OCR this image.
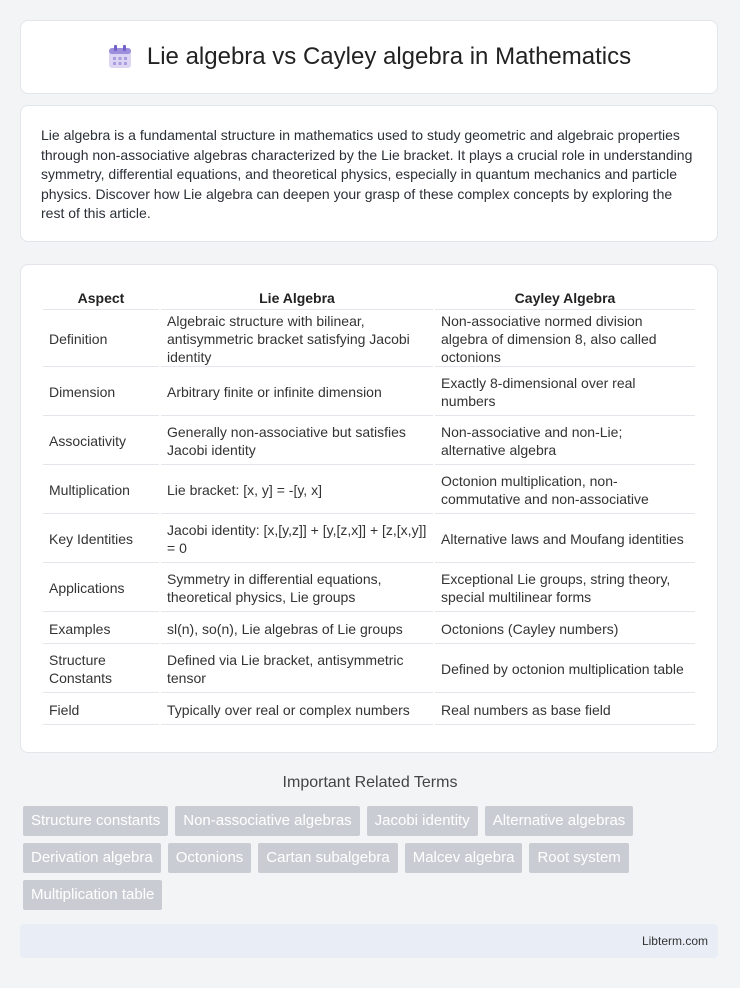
Lie algebra vs Cayley algebra in Mathematics

Lie algebra is a fundamental structure in mathematics used to study geometric and algebraic properties through non-associative algebras characterized by the Lie bracket. It plays a crucial role in understanding symmetry, differential equations, and theoretical physics, especially in quantum mechanics and particle physics. Discover how Lie algebra can deepen your grasp of these complex concepts by exploring the rest of this article.

Aspect	Lie Algebra	Cayley Algebra
Definition	Algebraic structure with bilinear, antisymmetric bracket satisfying Jacobi identity	Non-associative normed division algebra of dimension 8, also called octonions
Dimension	Arbitrary finite or infinite dimension	Exactly 8-dimensional over real numbers
Associativity	Generally non-associative but satisfies Jacobi identity	Non-associative and non-Lie; alternative algebra
Multiplication	Lie bracket: [x, y] = -[y, x]	Octonion multiplication, non-commutative and non-associative
Key Identities	Jacobi identity: [x,[y,z]] + [y,[z,x]] + [z,[x,y]] = 0	Alternative laws and Moufang identities
Applications	Symmetry in differential equations, theoretical physics, Lie groups	Exceptional Lie groups, string theory, special multilinear forms
Examples	sl(n), so(n), Lie algebras of Lie groups	Octonions (Cayley numbers)
Structure Constants	Defined via Lie bracket, antisymmetric tensor	Defined by octonion multiplication table
Field	Typically over real or complex numbers	Real numbers as base field
Important Related Terms
Structure constants	Non-associative algebras	Jacobi identity	Alternative algebras
Derivation algebra	Octonions	Cartan subalgebra	Malcev algebra	Root system
Multiplication table
Libterm.com
